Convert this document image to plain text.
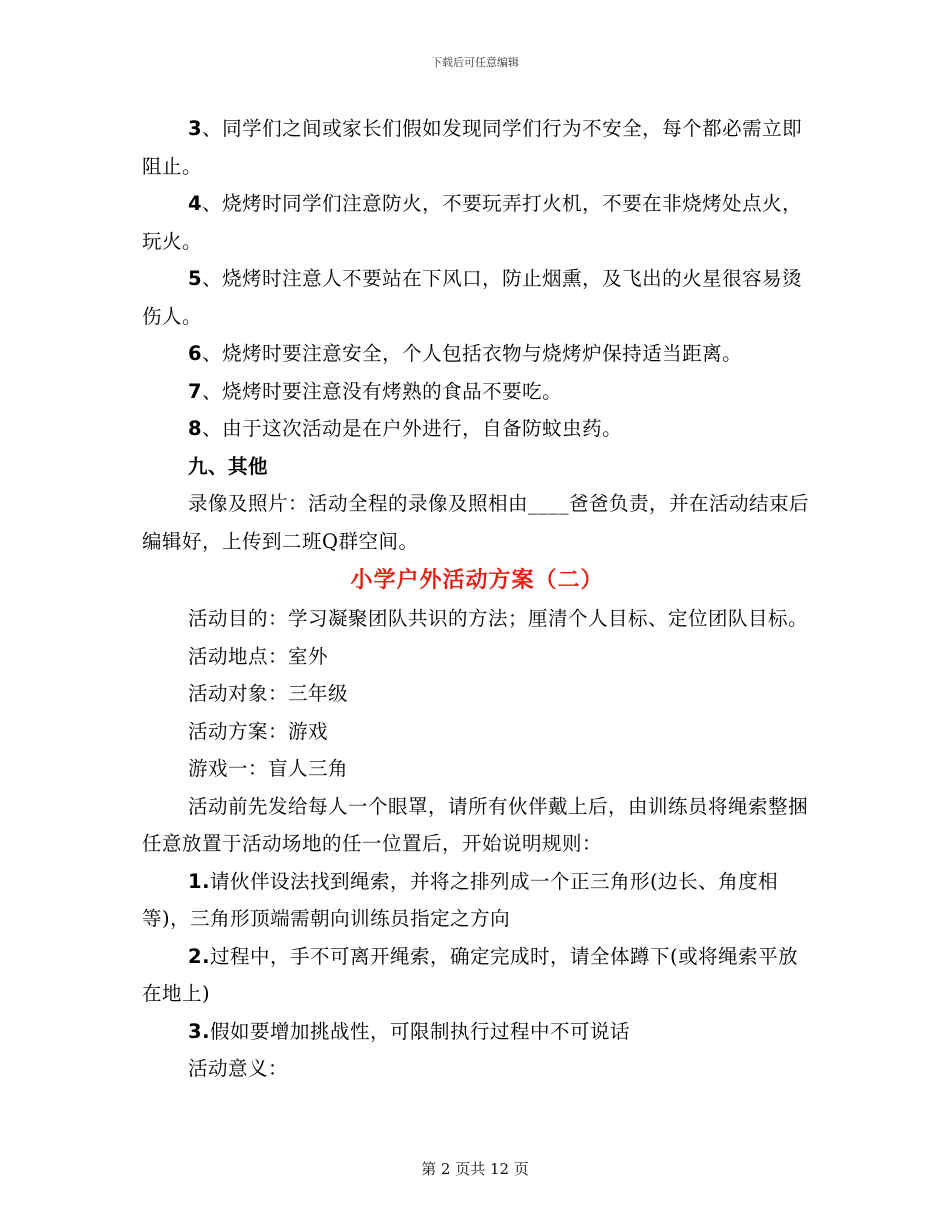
下载后可任意编辑

3、同学们之间或家长们假如发现同学们行为不安全，每个都必需立即阻止。

4、烧烤时同学们注意防火，不要玩弄打火机，不要在非烧烤处点火，玩火。

5、烧烤时注意人不要站在下风口，防止烟熏，及飞出的火星很容易烫伤人。

6、烧烤时要注意安全，个人包括衣物与烧烤炉保持适当距离。

7、烧烤时要注意没有烤熟的食品不要吃。

8、由于这次活动是在户外进行，自备防蚊虫药。

九、其他

录像及照片：活动全程的录像及照相由____爸爸负责，并在活动结束后编辑好，上传到二班Q群空间。

小学户外活动方案（二）

活动目的：学习凝聚团队共识的方法；厘清个人目标、定位团队目标。

活动地点：室外

活动对象：三年级

活动方案：游戏

游戏一：盲人三角

活动前先发给每人一个眼罩，请所有伙伴戴上后，由训练员将绳索整捆任意放置于活动场地的任一位置后，开始说明规则：

1.请伙伴设法找到绳索，并将之排列成一个正三角形(边长、角度相等)，三角形顶端需朝向训练员指定之方向

2.过程中，手不可离开绳索，确定完成时，请全体蹲下(或将绳索平放在地上)

3.假如要增加挑战性，可限制执行过程中不可说话

活动意义：

第 2 页共 12 页
